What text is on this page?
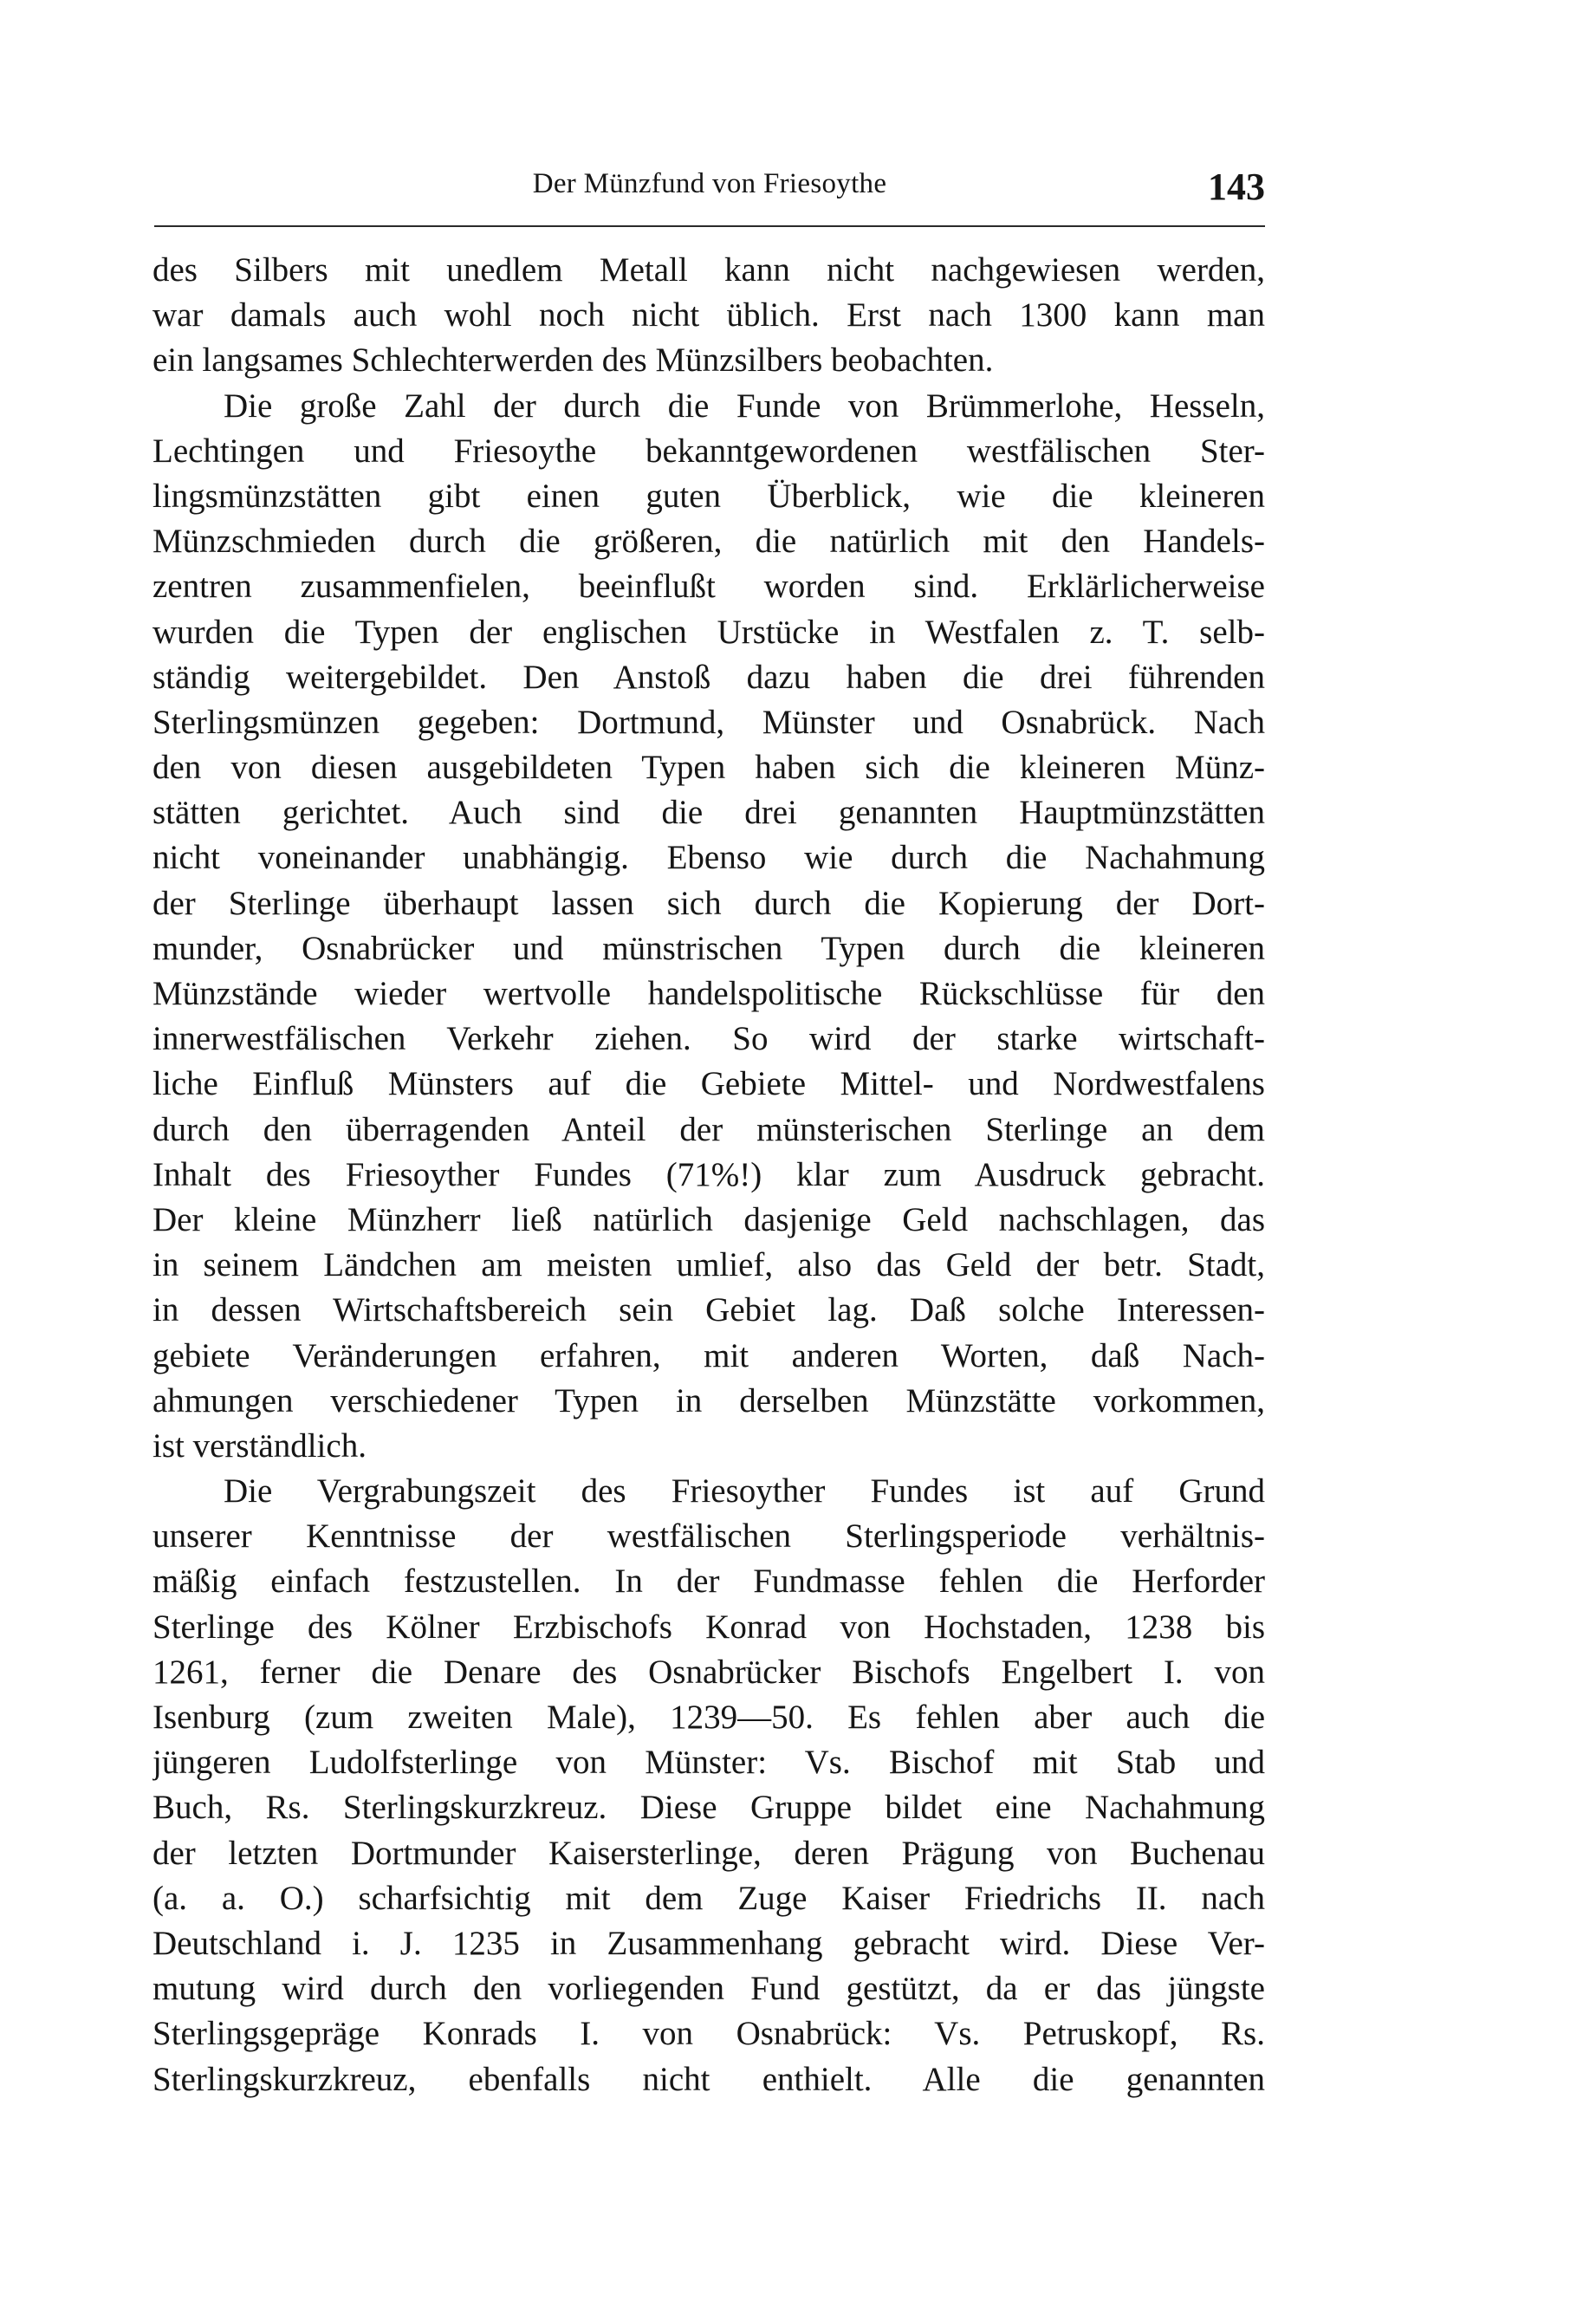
Der Münzfund von Friesoythe	143
des Silbers mit unedlem Metall kann nicht nachgewiesen werden,
war damals auch wohl noch nicht üblich. Erst nach 1300 kann man
ein langsames Schlechterwerden des Münzsilbers beobachten.
Die große Zahl der durch die Funde von Brümmerlohe, Hesseln,
Lechtingen und Friesoythe bekanntgewordenen westfälischen Ster-
lingsmünzstätten gibt einen guten Überblick, wie die kleineren
Münzschmieden durch die größeren, die natürlich mit den Handels-
zentren zusammenfielen, beeinflußt worden sind. Erklärlicherweise
wurden die Typen der englischen Urstücke in Westfalen z. T. selb-
ständig weitergebildet. Den Anstoß dazu haben die drei führenden
Sterlingsmünzen gegeben: Dortmund, Münster und Osnabrück. Nach
den von diesen ausgebildeten Typen haben sich die kleineren Münz-
stätten gerichtet. Auch sind die drei genannten Hauptmünzstätten
nicht voneinander unabhängig. Ebenso wie durch die Nachahmung
der Sterlinge überhaupt lassen sich durch die Kopierung der Dort-
munder, Osnabrücker und münstrischen Typen durch die kleineren
Münzstände wieder wertvolle handelspolitische Rückschlüsse für den
innerwestfälischen Verkehr ziehen. So wird der starke wirtschaft-
liche Einfluß Münsters auf die Gebiete Mittel- und Nordwestfalens
durch den überragenden Anteil der münsterischen Sterlinge an dem
Inhalt des Friesoyther Fundes (71%!) klar zum Ausdruck gebracht.
Der kleine Münzherr ließ natürlich dasjenige Geld nachschlagen, das
in seinem Ländchen am meisten umlief, also das Geld der betr. Stadt,
in dessen Wirtschaftsbereich sein Gebiet lag. Daß solche Interessen-
gebiete Veränderungen erfahren, mit anderen Worten, daß Nach-
ahmungen verschiedener Typen in derselben Münzstätte vorkommen,
ist verständlich.
Die Vergrabungszeit des Friesoyther Fundes ist auf Grund
unserer Kenntnisse der westfälischen Sterlingsperiode verhältnis-
mäßig einfach festzustellen. In der Fundmasse fehlen die Herforder
Sterlinge des Kölner Erzbischofs Konrad von Hochstaden, 1238 bis
1261, ferner die Denare des Osnabrücker Bischofs Engelbert I. von
Isenburg (zum zweiten Male), 1239—50. Es fehlen aber auch die
jüngeren Ludolfsterlinge von Münster: Vs. Bischof mit Stab und
Buch, Rs. Sterlingskurzkreuz. Diese Gruppe bildet eine Nachahmung
der letzten Dortmunder Kaisersterlinge, deren Prägung von Buchenau
(a. a. O.) scharfsichtig mit dem Zuge Kaiser Friedrichs II. nach
Deutschland i. J. 1235 in Zusammenhang gebracht wird. Diese Ver-
mutung wird durch den vorliegenden Fund gestützt, da er das jüngste
Sterlingsgepräge Konrads I. von Osnabrück: Vs. Petruskopf, Rs.
Sterlingskurzkreuz, ebenfalls nicht enthielt. Alle die genannten
